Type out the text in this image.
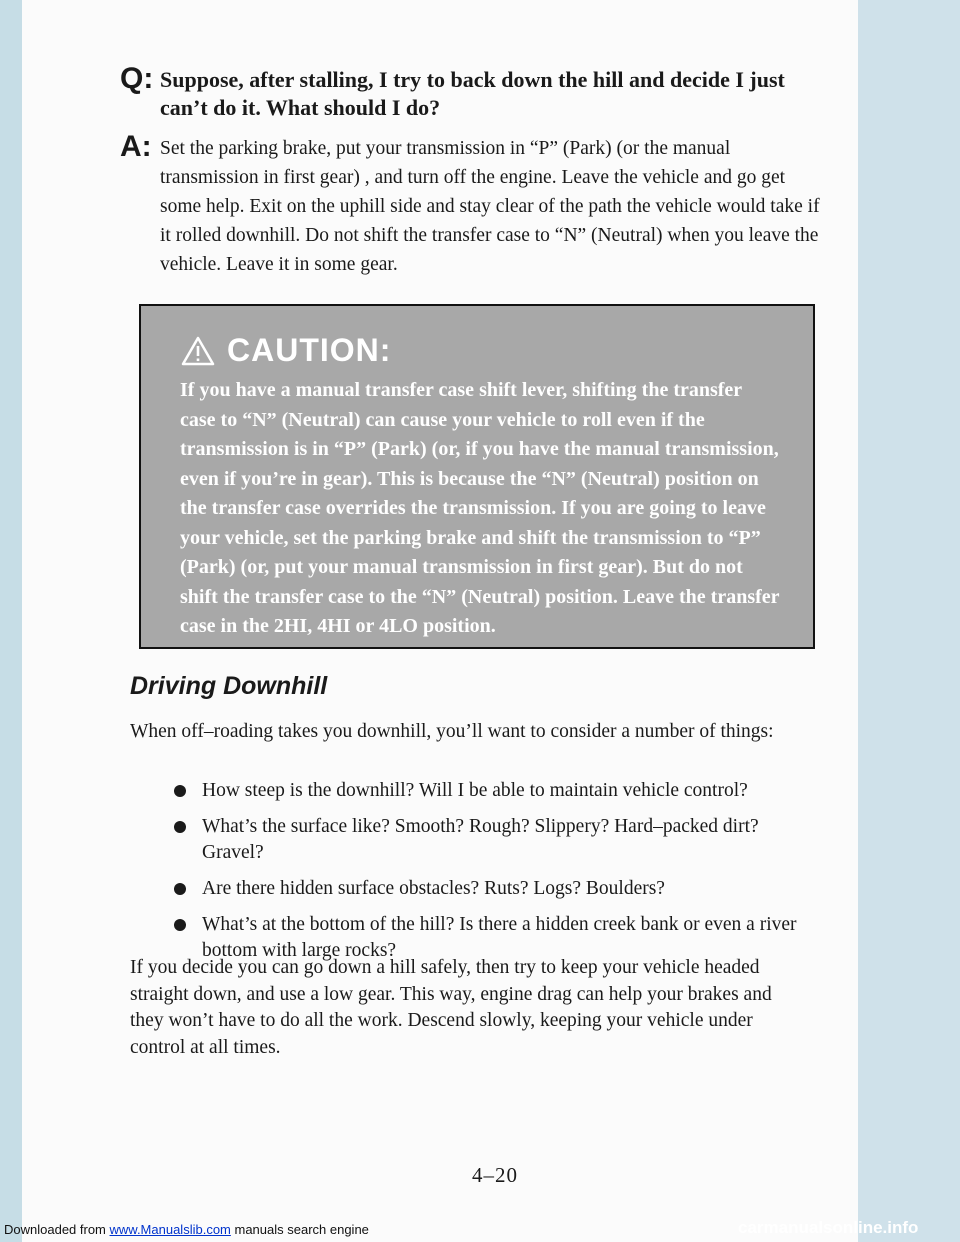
Q: Suppose, after stalling, I try to back down the hill and decide I just can’t do it. What should I do?
A: Set the parking brake, put your transmission in “P” (Park) (or the manual transmission in first gear) , and turn off the engine. Leave the vehicle and go get some help. Exit on the uphill side and stay clear of the path the vehicle would take if it rolled downhill. Do not shift the transfer case to “N” (Neutral) when you leave the vehicle. Leave it in some gear.
CAUTION:
If you have a manual transfer case shift lever, shifting the transfer case to “N” (Neutral) can cause your vehicle to roll even if the transmission is in “P” (Park) (or, if you have the manual transmission, even if you’re in gear). This is because the “N” (Neutral) position on the transfer case overrides the transmission. If you are going to leave your vehicle, set the parking brake and shift the transmission to “P” (Park) (or, put your manual transmission in first gear). But do not shift the transfer case to the “N” (Neutral) position. Leave the transfer case in the 2HI, 4HI or 4LO position.
Driving Downhill
When off–roading takes you downhill, you’ll want to consider a number of things:
How steep is the downhill? Will I be able to maintain vehicle control?
What’s the surface like? Smooth? Rough? Slippery? Hard–packed dirt? Gravel?
Are there hidden surface obstacles? Ruts? Logs? Boulders?
What’s at the bottom of the hill? Is there a hidden creek bank or even a river bottom with large rocks?
If you decide you can go down a hill safely, then try to keep your vehicle headed straight down, and use a low gear. This way, engine drag can help your brakes and they won’t have to do all the work. Descend slowly, keeping your vehicle under control at all times.
4–20
Downloaded from www.Manualslib.com manuals search engine	carmanualsonline.info
